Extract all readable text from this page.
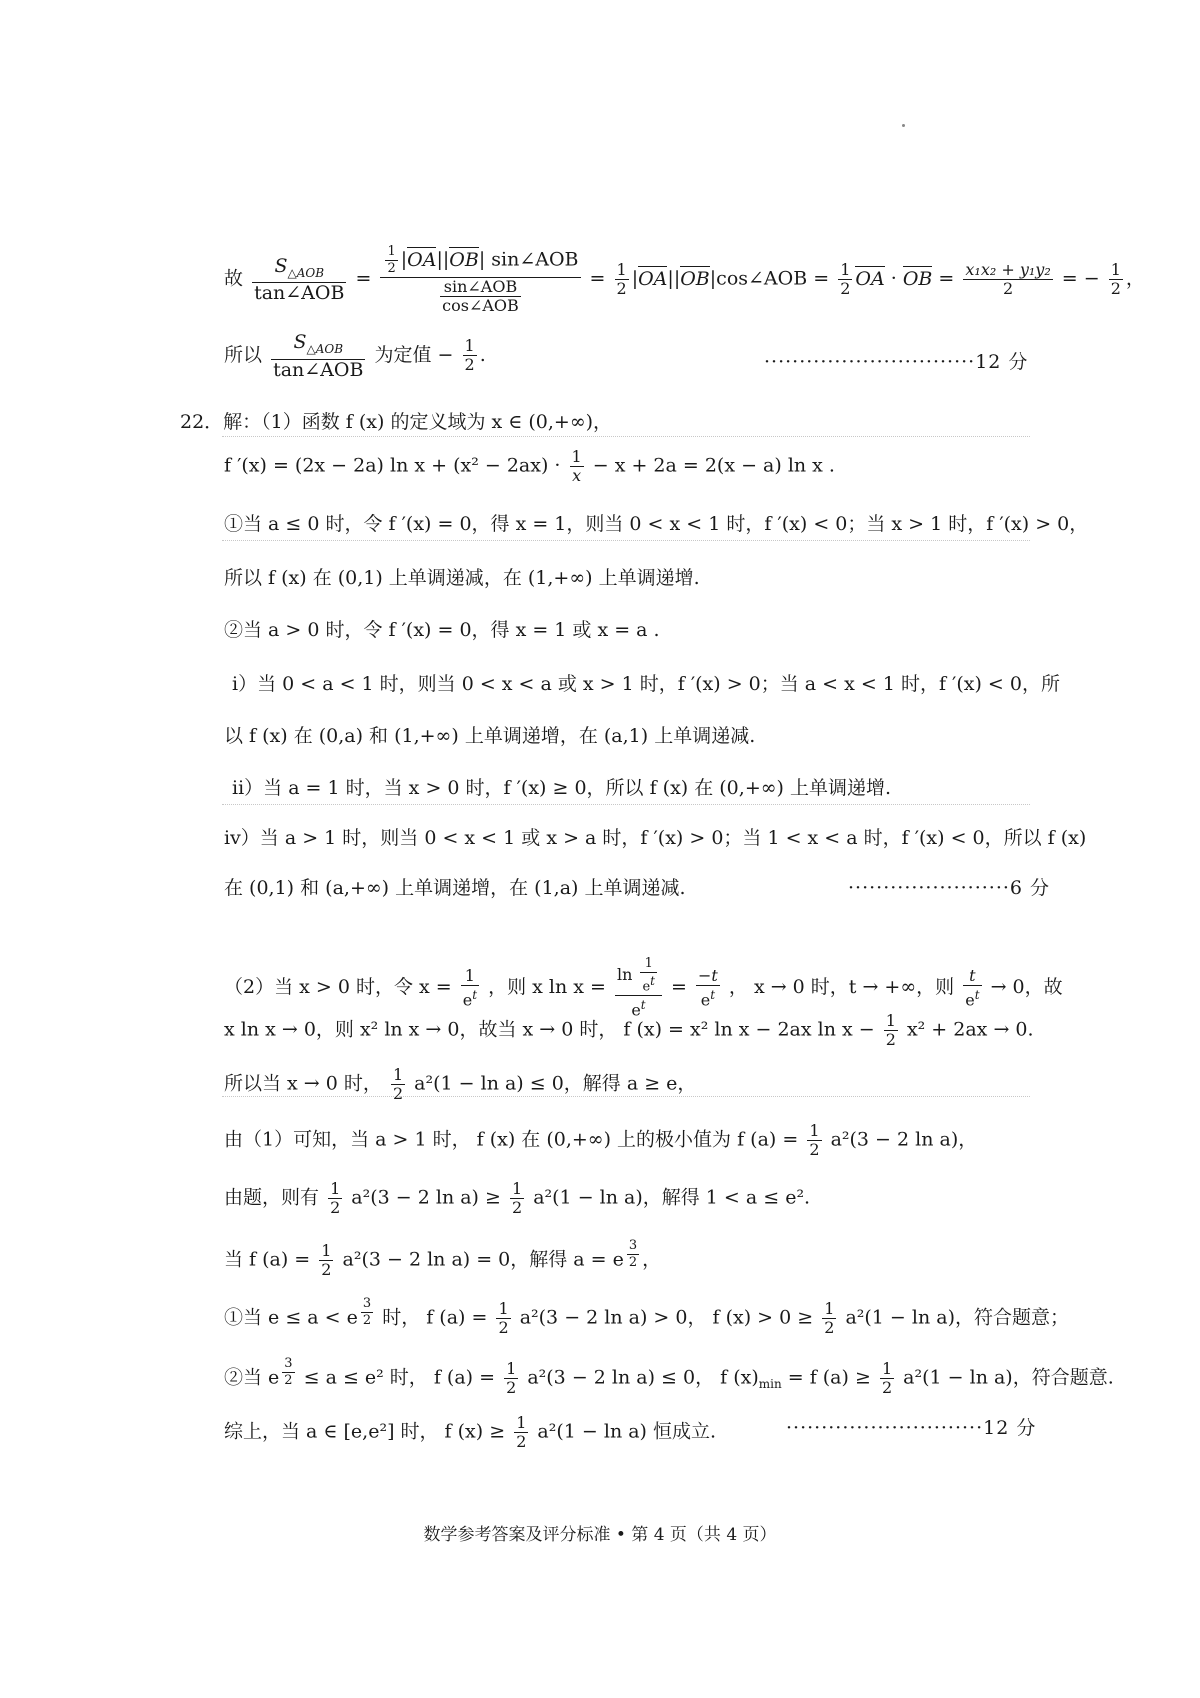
故 $\frac{S_{\triangle AOB}}{\text{tan∠AOB}} = \frac{\frac{1}{2} |OA||OB| \sin\angle AOB}{\frac{\text{sin∠AOB}}{\text{cos∠AOB}}} = \frac{1}{2}$ |OA||OB|cos∠AOB = $\frac{1}{2}$ OA · OB = $\frac{\text{x₁x₂ + y₁y₂}}{2}$ = − $\frac{1}{2}$ ，
所以 $\frac{S_{\triangle AOB}}{\text{tan∠AOB}}$ 为定值 − $\frac{1}{2}$ .	······························12 分
22．解：（1）函数 f (x) 的定义域为 x ∈ (0,+∞)，
f ′(x) = (2x − 2a) $\ln x + (x^2 - 2ax) \cdot \frac{1}{x} - x + 2a = 2(x - a)$ ln x .
①当 a ≤ 0 时，令 f ′(x) = 0，得 x = 1，则当 0 < x < 1 时，f ′(x) < 0；当 x > 1 时，f ′(x) > 0，
所以 f (x) 在 (0,1) 上单调递减，在 (1,+∞) 上单调递增.
②当 a > 0 时，令 f ′(x) = 0，得 x = 1 或 x = a .
ⅰ）当 0 < a < 1 时，则当 0 < x < a 或 x > 1 时，f ′(x) > 0；当 a < x < 1 时，f ′(x) < 0，所
以 f (x) 在 (0,a) 和 (1,+∞) 上单调递增，在 (a,1) 上单调递减.
ⅱ）当 a = 1 时，当 x > 0 时，f ′(x) ≥ 0，所以 f (x) 在 (0,+∞) 上单调递增.
ⅳ）当 a > 1 时，则当 0 < x < 1 或 x > a 时，f ′(x) > 0；当 1 < x < a 时，f ′(x) < 0，所以 f (x)
在 (0,1) 和 (a,+∞) 上单调递增，在 (1,a) 上单调递减.	·······················6 分
（2）当 x > 0 时，令 $x = \frac{1}{e^t}$ ，则 x $\ln x = \frac{\ln \frac{1}{e^t}}{e^t} = \frac{-t}{e^t}$ ， x → 0 时，t → +∞，则 $\frac{t}{e^t} \to 0$，故
x ln x → 0，则 x² ln x → 0，故当 x → 0 时， f (x) = x² ln x − 2ax $\ln x - \frac{1}{2} x^2 + 2ax \to 0$.
所以当 x → 0 时， $\frac{1}{2} a^2(1 - \ln a) \le 0$，解得 a ≥ e，
由（1）可知，当 a > 1 时， f (x) 在 (0,+∞) 上的极小值为 f $(a) = \frac{1}{2} a^2(3 - 2$ ln a)，
由题，则有 $\frac{1}{2} a^2(3 - 2$ $\ln a) \ge \frac{1}{2} a^2(1 - \ln a)$，解得 1 < a ≤ e².
当 f $(a) = \frac{1}{2} a^2(3 - 2$ ln a) = 0，解得 a = e $^{\frac{3}{2}}$ ，
①当 e ≤ a < e $^{\frac{3}{2}}$ 时， f $(a) = \frac{1}{2} a^2(3 - 2$ ln a) > 0， f $(x) > 0 \ge \frac{1}{2} a^2(1 - \ln a)$，符合题意；
②当 e $^{\frac{3}{2}}$ ≤ a ≤ e² 时， f $(a) = \frac{1}{2} a^2(3 - 2$ ln a) ≤ 0， f $(x)_{min} = f$ $(a) \ge \frac{1}{2} a^2(1 - \ln a)$，符合题意.
综上，当 a ∈ [e,e²] 时， f $(x) \ge \frac{1}{2} a^2(1 - \ln a)$ 恒成立.	····························12 分
数学参考答案及评分标准 • 第 4 页（共 4 页）
